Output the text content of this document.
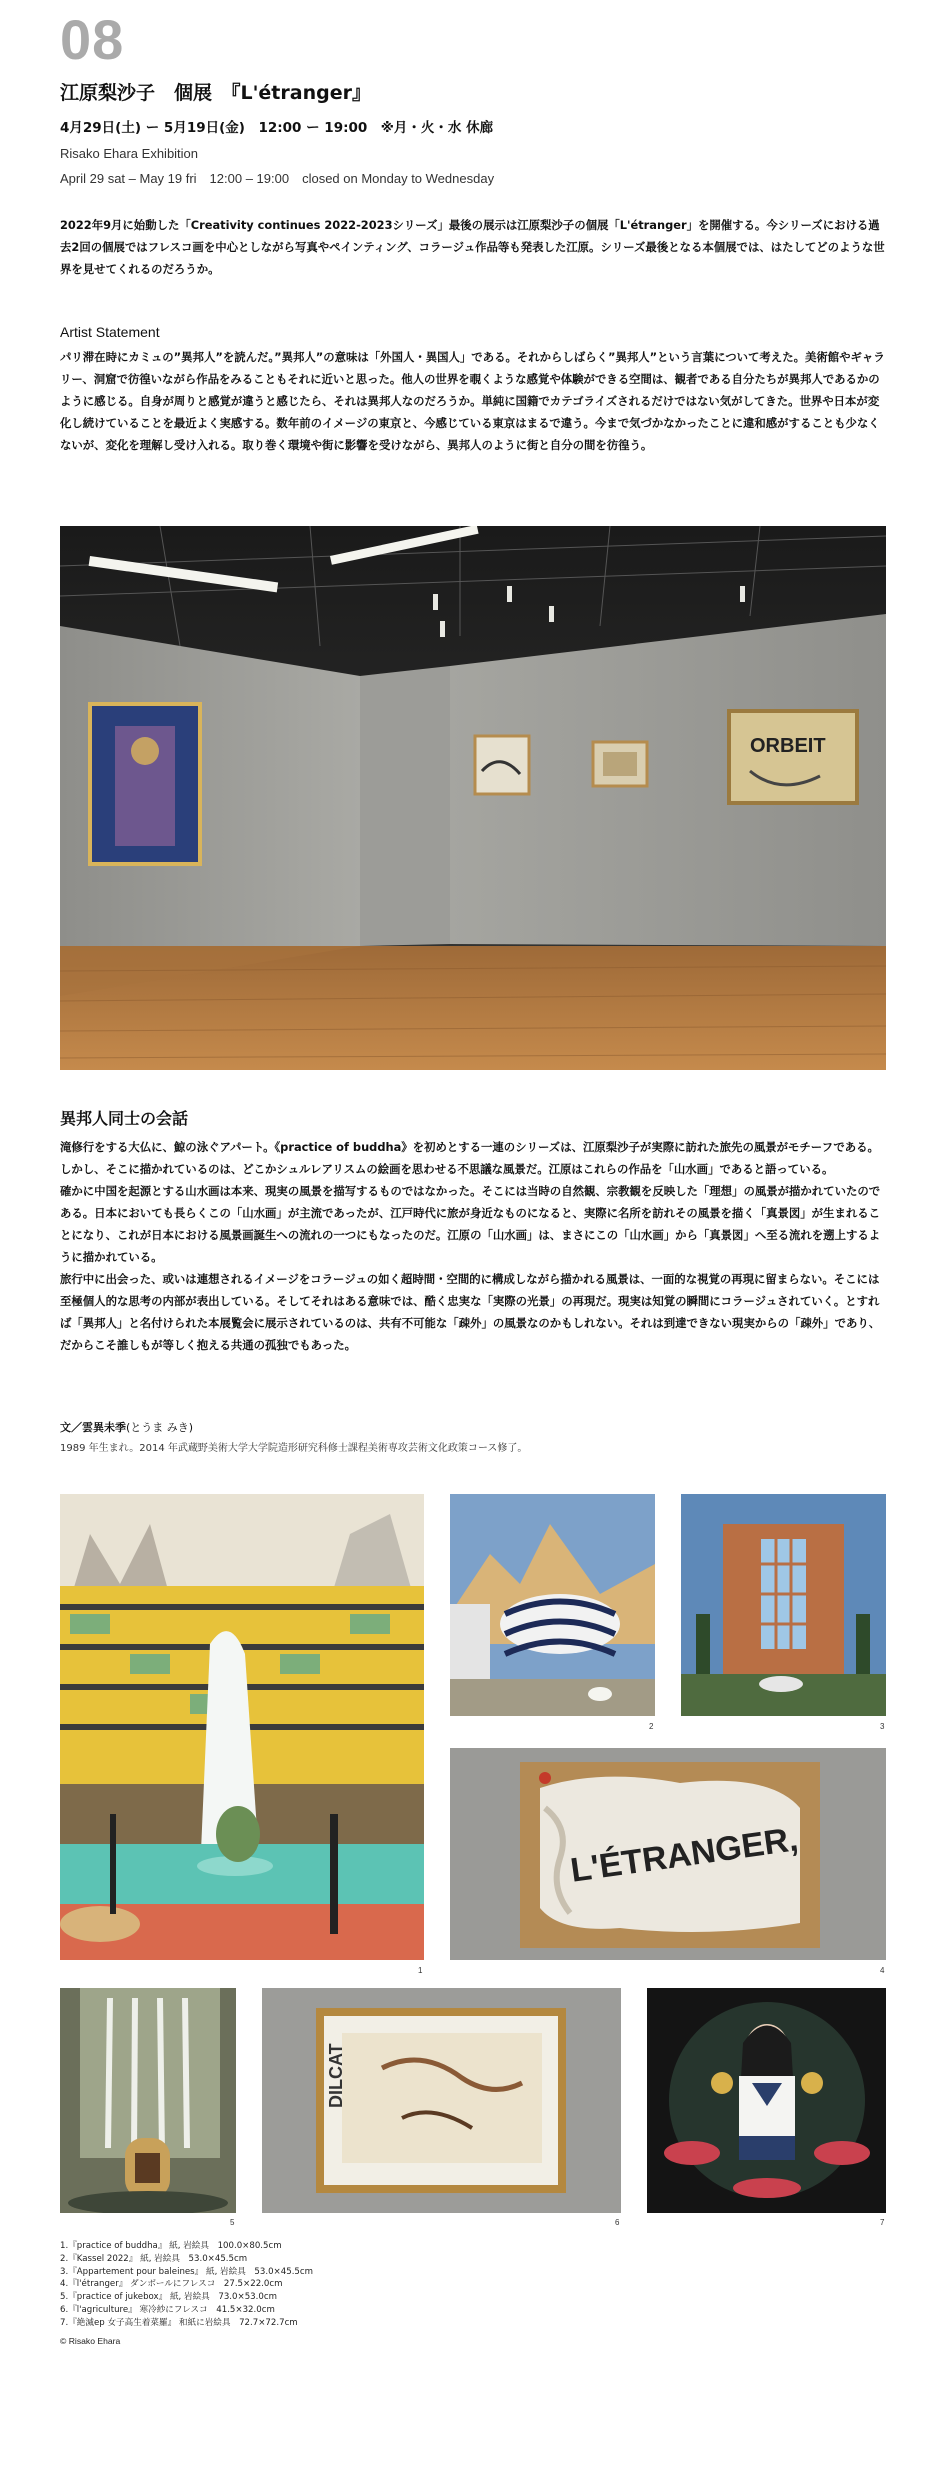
08
江原梨沙子　個展　『L'étranger』
4月29日(土) ー 5月19日(金)　12:00 ー 19:00　※月・火・水 休廊
Risako Ehara Exhibition
April 29 sat – May 19 fri　12:00 – 19:00　closed on Monday to Wednesday

2022年9月に始動した「Creativity continues 2022-2023シリーズ」最後の展示は江原梨沙子の個展「L'étranger」を開催する。今シリーズにおける過去2回の個展ではフレスコ画を中心としながら写真やペインティング、コラージュ作品等も発表した江原。シリーズ最後となる本個展では、はたしてどのような世界を見せてくれるのだろうか。

Artist Statement

パリ滞在時にカミュの”異邦人”を読んだ。”異邦人”の意味は「外国人・異国人」である。それからしばらく”異邦人”という言葉について考えた。美術館やギャラリー、洞窟で彷徨いながら作品をみることもそれに近いと思った。他人の世界を覗くような感覚や体験ができる空間は、観者である自分たちが異邦人であるかのように感じる。自身が周りと感覚が違うと感じたら、それは異邦人なのだろうか。単純に国籍でカテゴライズされるだけではない気がしてきた。世界や日本が変化し続けていることを最近よく実感する。数年前のイメージの東京と、今感じている東京はまるで違う。今まで気づかなかったことに違和感がすることも少なくないが、変化を理解し受け入れる。取り巻く環境や街に影響を受けながら、異邦人のように街と自分の間を彷徨う。

ORBEIT
異邦人同士の会話

滝修行をする大仏に、鯨の泳ぐアパート。《practice of buddha》を初めとする一連のシリーズは、江原梨沙子が実際に訪れた旅先の風景がモチーフである。しかし、そこに描かれているのは、どこかシュルレアリスムの絵画を思わせる不思議な風景だ。江原はこれらの作品を「山水画」であると語っている。

確かに中国を起源とする山水画は本来、現実の風景を描写するものではなかった。そこには当時の自然観、宗教観を反映した「理想」の風景が描かれていたのである。日本においても長らくこの「山水画」が主流であったが、江戸時代に旅が身近なものになると、実際に名所を訪れその風景を描く「真景図」が生まれることになり、これが日本における風景画誕生への流れの一つにもなったのだ。江原の「山水画」は、まさにこの「山水画」から「真景図」へ至る流れを遡上するように描かれている。

旅行中に出会った、或いは連想されるイメージをコラージュの如く超時間・空間的に構成しながら描かれる風景は、一面的な視覚の再現に留まらない。そこには至極個人的な思考の内部が表出している。そしてそれはある意味では、酷く忠実な「実際の光景」の再現だ。現実は知覚の瞬間にコラージュされていく。とすれば「異邦人」と名付けられた本展覧会に展示されているのは、共有不可能な「疎外」の風景なのかもしれない。それは到達できない現実からの「疎外」であり、だからこそ誰しもが等しく抱える共通の孤独でもあった。

文／雲異未季(とうま みき)
1989 年生まれ。2014 年武蔵野美術大学大学院造形研究科修士課程美術専攻芸術文化政策コース修了。
1
2	3
L'ÉTRANGER,
4
5
DILCAT
6	7
1.『practice of buddha』 紙, 岩絵具　100.0×80.5cm
2.『Kassel 2022』 紙, 岩絵具　53.0×45.5cm
3.『Appartement pour baleines』 紙, 岩絵具　53.0×45.5cm
4.『l'étranger』 ダンボールにフレスコ　27.5×22.0cm
5.『practice of jukebox』 紙, 岩絵具　73.0×53.0cm
6.『l'agriculture』 寒冷紗にフレスコ　41.5×32.0cm
7.『絶滅ep 女子高生着菜羅』 和紙に岩絵具　72.7×72.7cm
© Risako Ehara
